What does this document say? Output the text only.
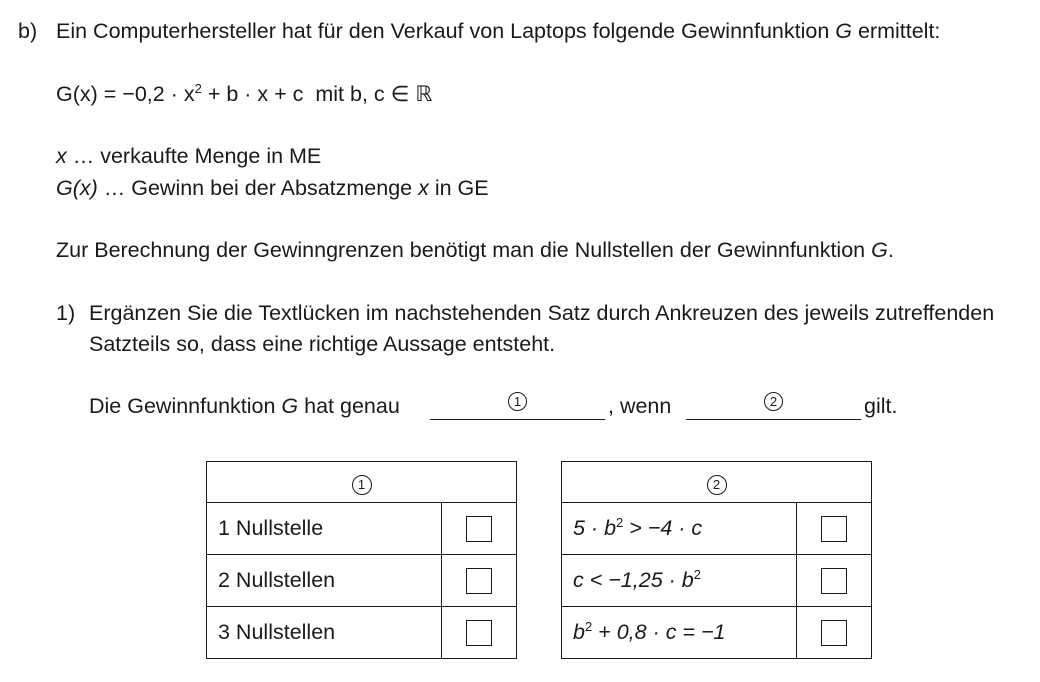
b) Ein Computerhersteller hat für den Verkauf von Laptops folgende Gewinnfunktion G ermittelt:
$G(x) = -0,2 \cdot x^2 + b \cdot x + c$ mit b, c ∈ ℝ
x … verkaufte Menge in ME
G(x) … Gewinn bei der Absatzmenge x in GE
Zur Berechnung der Gewinngrenzen benötigt man die Nullstellen der Gewinnfunktion G.
1) Ergänzen Sie die Textlücken im nachstehenden Satz durch Ankreuzen des jeweils zutreffenden
Satzteils so, dass eine richtige Aussage entsteht.
Die Gewinnfunktion G hat genau	1	, wenn	2	gilt.
1	
1 Nullstelle	
2 Nullstellen	
3 Nullstellen	
2	
$5 \cdot b^2 > -4 \cdot c$	
$c < -1,25 \cdot b^2$	
$b^2 + 0,8 \cdot c = -1$	
